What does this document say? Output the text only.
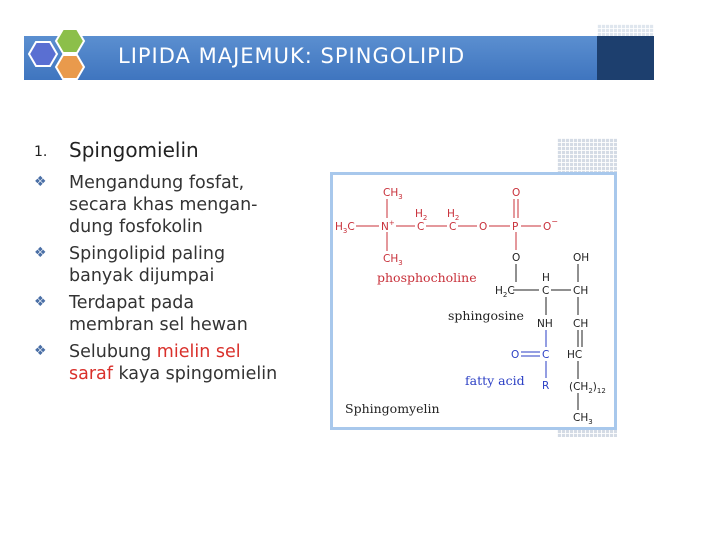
LIPIDA MAJEMUK: SPINGOLIPID
1. Spingomielin
❖ Mengandung fosfat,
secara khas mengan-
dung fosfokolin
❖ Spingolipid paling
banyak dijumpai
❖ Terdapat pada
membran sel hewan
❖ Selubung mielin sel
saraf kaya spingomielin
$CH_3$
$H_3C$	N+
$CH_3$
$H_2$
C
$H_2$
C O
O
P O−
O	OH
H
$H_2C$	C CH
NH CH
HC
$(CH_2)_{12}$
$CH_3$
O C
R
phosphocholine
sphingosine
fatty acid
Sphingomyelin
